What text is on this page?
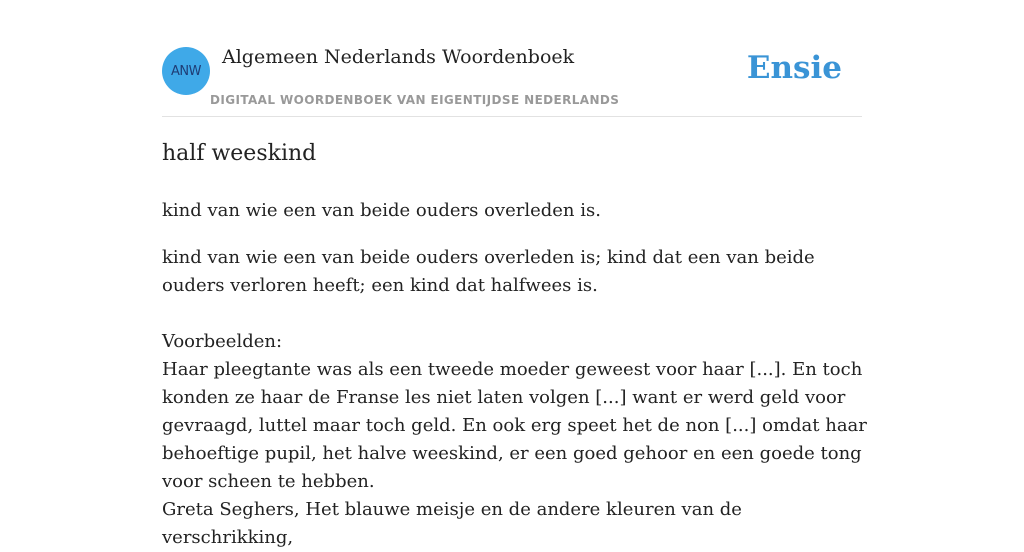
ANW
Algemeen Nederlands Woordenboek
DIGITAAL WOORDENBOEK VAN EIGENTIJDSE NEDERLANDS
Ensie
half weeskind

kind van wie een van beide ouders overleden is.

kind van wie een van beide ouders overleden is; kind dat een van beide ouders verloren heeft; een kind dat halfwees is.
Voorbeelden:
Haar pleegtante was als een tweede moeder geweest voor haar [...]. En toch konden ze haar de Franse les niet laten volgen [...] want er werd geld voor gevraagd, luttel maar toch geld. En ook erg speet het de non [...] omdat haar behoeftige pupil, het halve weeskind, er een goed gehoor en een goede tong voor scheen te hebben.
Greta Seghers, Het blauwe meisje en de andere kleuren van de verschrikking,
